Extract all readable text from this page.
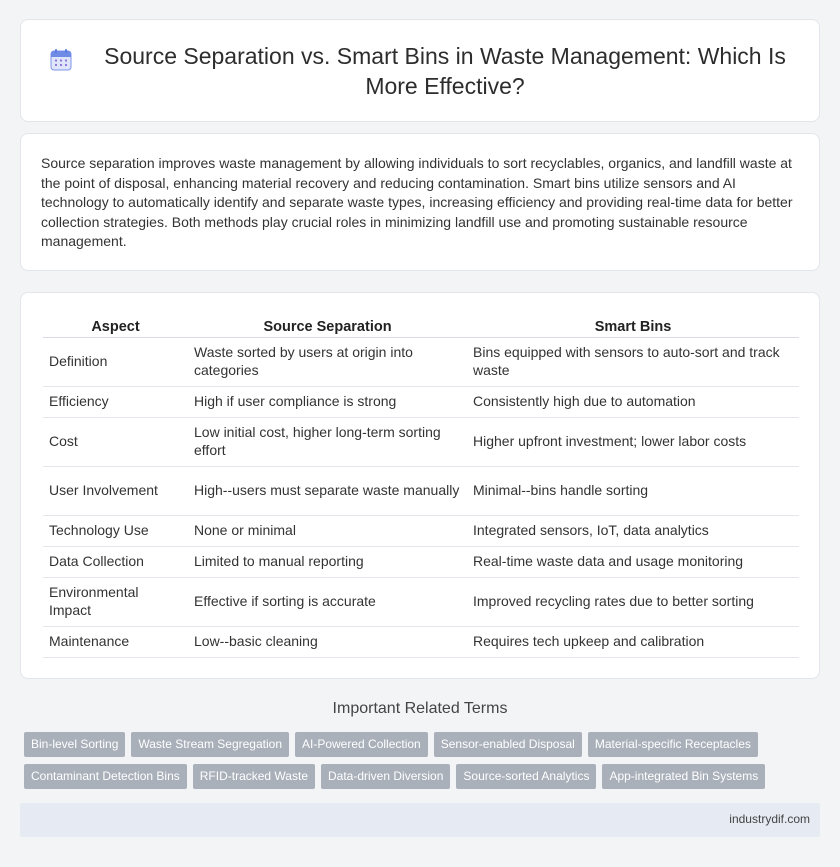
Source Separation vs. Smart Bins in Waste Management: Which Is More Effective?

Source separation improves waste management by allowing individuals to sort recyclables, organics, and landfill waste at the point of disposal, enhancing material recovery and reducing contamination. Smart bins utilize sensors and AI technology to automatically identify and separate waste types, increasing efficiency and providing real-time data for better collection strategies. Both methods play crucial roles in minimizing landfill use and promoting sustainable resource management.

Aspect	Source Separation	Smart Bins
Definition	Waste sorted by users at origin into categories	Bins equipped with sensors to auto-sort and track waste
Efficiency	High if user compliance is strong	Consistently high due to automation
Cost	Low initial cost, higher long-term sorting effort	Higher upfront investment; lower labor costs
User Involvement	High--users must separate waste manually	Minimal--bins handle sorting
Technology Use	None or minimal	Integrated sensors, IoT, data analytics
Data Collection	Limited to manual reporting	Real-time waste data and usage monitoring
Environmental Impact	Effective if sorting is accurate	Improved recycling rates due to better sorting
Maintenance	Low--basic cleaning	Requires tech upkeep and calibration
Important Related Terms
Bin-level Sorting	Waste Stream Segregation	AI-Powered Collection	Sensor-enabled Disposal	Material-specific Receptacles
Contaminant Detection Bins	RFID-tracked Waste	Data-driven Diversion	Source-sorted Analytics	App-integrated Bin Systems
industrydif.com
